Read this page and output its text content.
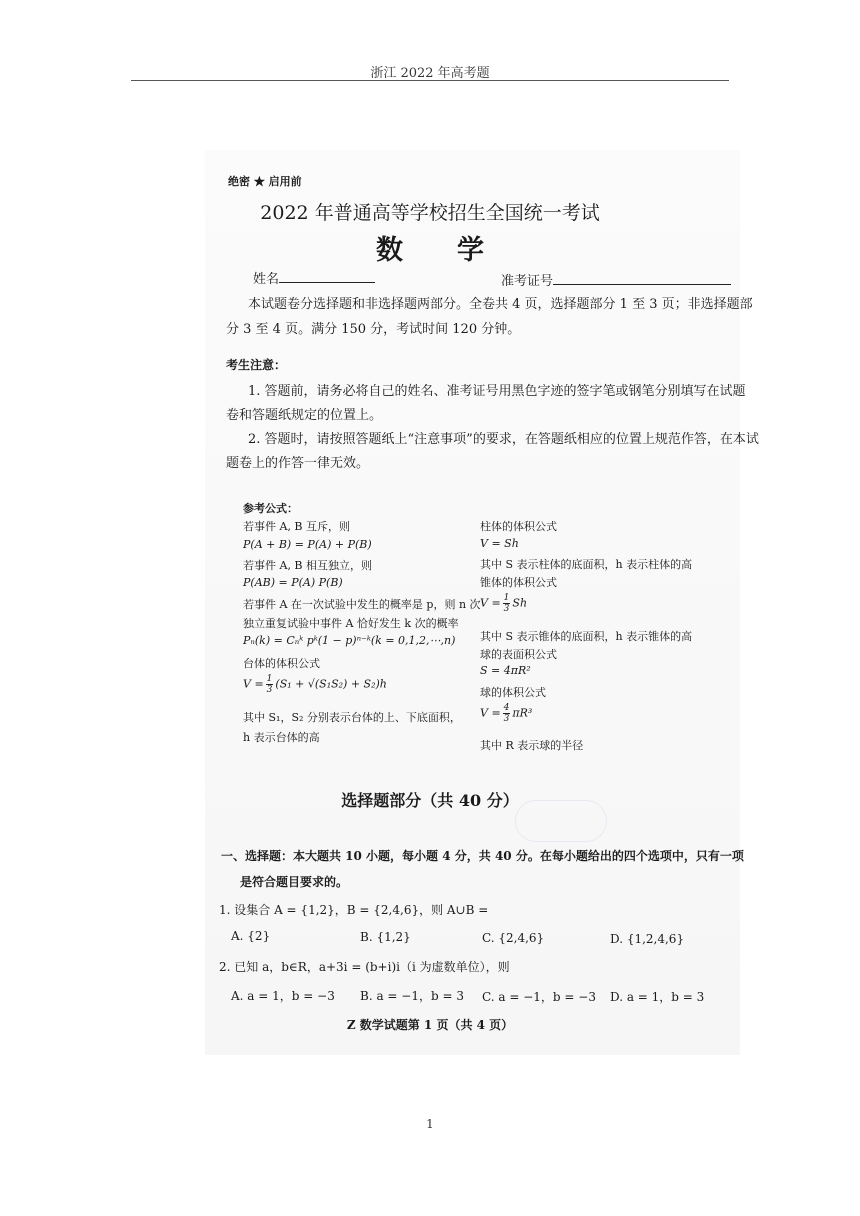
浙江 2022 年高考题
绝密 ★ 启用前
2022 年普通高等学校招生全国统一考试
数　　学
姓名	准考证号
本试题卷分选择题和非选择题两部分。全卷共 4 页，选择题部分 1 至 3 页；非选择题部
分 3 至 4 页。满分 150 分，考试时间 120 分钟。
考生注意：
1. 答题前，请务必将自己的姓名、准考证号用黑色字迹的签字笔或钢笔分别填写在试题
卷和答题纸规定的位置上。
2. 答题时，请按照答题纸上“注意事项”的要求，在答题纸相应的位置上规范作答，在本试
题卷上的作答一律无效。
参考公式：
若事件 A, B 互斥，则
P(A + B) = P(A) + P(B)
若事件 A, B 相互独立，则
P(AB) = P(A) P(B)
若事件 A 在一次试验中发生的概率是 p，则 n 次
独立重复试验中事件 A 恰好发生 k 次的概率
Pₙ(k) = Cₙᵏ pᵏ(1 − p)ⁿ⁻ᵏ(k = 0,1,2,⋯,n)
台体的体积公式
$V = \frac{1}{3} (S_1 + √(S_1S_2) + S_2)h$
其中 S₁，S₂ 分别表示台体的上、下底面积，
h 表示台体的高
柱体的体积公式
V = Sh
其中 S 表示柱体的底面积，h 表示柱体的高
锥体的体积公式
$V = \frac{1}{3}$ Sh
其中 S 表示锥体的底面积，h 表示锥体的高
球的表面积公式
S = 4πR²
球的体积公式
$V = \frac{4}{3} \pi R^3$
其中 R 表示球的半径
选择题部分（共 40 分）
一、选择题：本大题共 10 小题，每小题 4 分，共 40 分。在每小题给出的四个选项中，只有一项
是符合题目要求的。
1. 设集合 A = {1,2}，B = {2,4,6}，则 A∪B =
A. {2}	B. {1,2}	C. {2,4,6}	D. {1,2,4,6}
2. 已知 a，b∈R，a+3i = (b+i)i（i 为虚数单位），则
A. a = 1，b = −3 B. a = −1，b = 3 C. a = −1，b = −3 D. a = 1，b = 3
Z 数学试题第 1 页（共 4 页）
1
